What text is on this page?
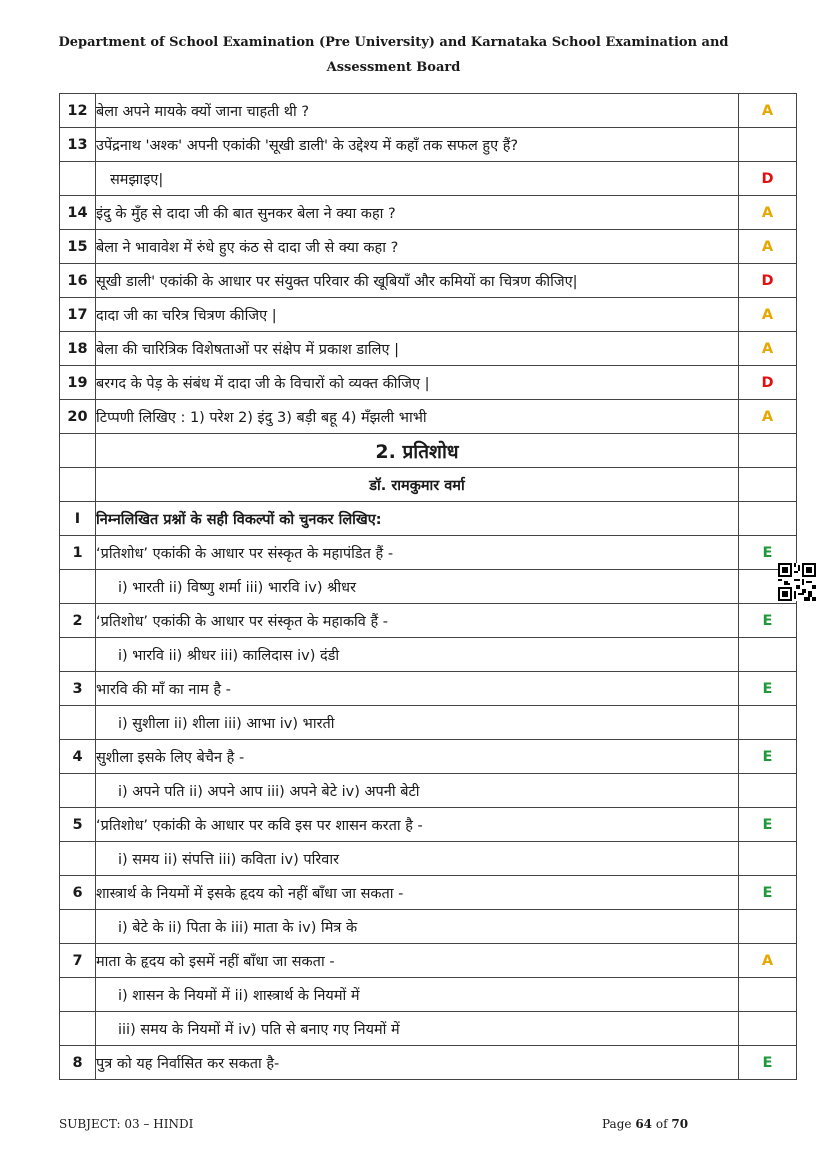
Department of School Examination (Pre University) and Karnataka School Examination and
Assessment Board
12	बेला अपने मायके क्यों जाना चाहती थी ?	A
13	उपेंद्रनाथ 'अश्क' अपनी एकांकी 'सूखी डाली' के उद्देश्य में कहाँ तक सफल हुए हैं?	
	समझाइए|	D
14	इंदु के मुँह से दादा जी की बात सुनकर बेला ने क्या कहा ?	A
15	बेला ने भावावेश में रुंधे हुए कंठ से दादा जी से क्या कहा ?	A
16	सूखी डाली' एकांकी के आधार पर संयुक्त परिवार की खूबियाँ और कमियों का चित्रण कीजिए|	D
17	दादा जी का चरित्र चित्रण कीजिए |	A
18	बेला की चारित्रिक विशेषताओं पर संक्षेप में प्रकाश डालिए |	A
19	बरगद के पेड़ के संबंध में दादा जी के विचारों को व्यक्त कीजिए |	D
20	टिप्पणी लिखिए : 1) परेश 2) इंदु 3) बड़ी बहू 4) मँझली भाभी	A
	2. प्रतिशोध	
	डॉ. रामकुमार वर्मा	
I	निम्नलिखित प्रश्नों के सही विकल्पों को चुनकर लिखिए:	
1	‘प्रतिशोध’ एकांकी के आधार पर संस्कृत के महापंडित हैं -	E
	i) भारती ii) विष्णु शर्मा iii) भारवि iv) श्रीधर	
2	‘प्रतिशोध’ एकांकी के आधार पर संस्कृत के महाकवि हैं -	E
	i) भारवि ii) श्रीधर iii) कालिदास iv) दंडी	
3	भारवि की माँ का नाम है -	E
	i) सुशीला ii) शीला iii) आभा iv) भारती	
4	सुशीला इसके लिए बेचैन है -	E
	i) अपने पति ii) अपने आप iii) अपने बेटे iv) अपनी बेटी	
5	‘प्रतिशोध’ एकांकी के आधार पर कवि इस पर शासन करता है -	E
	i) समय ii) संपत्ति iii) कविता iv) परिवार	
6	शास्त्रार्थ के नियमों में इसके हृदय को नहीं बाँधा जा सकता -	E
	i) बेटे के ii) पिता के iii) माता के iv) मित्र के	
7	माता के हृदय को इसमें नहीं बाँधा जा सकता -	A
	i) शासन के नियमों में ii) शास्त्रार्थ के नियमों में	
	iii) समय के नियमों में iv) पति से बनाए गए नियमों में	
8	पुत्र को यह निर्वासित कर सकता है-	E
SUBJECT: 03 – HINDI	Page 64 of 70
